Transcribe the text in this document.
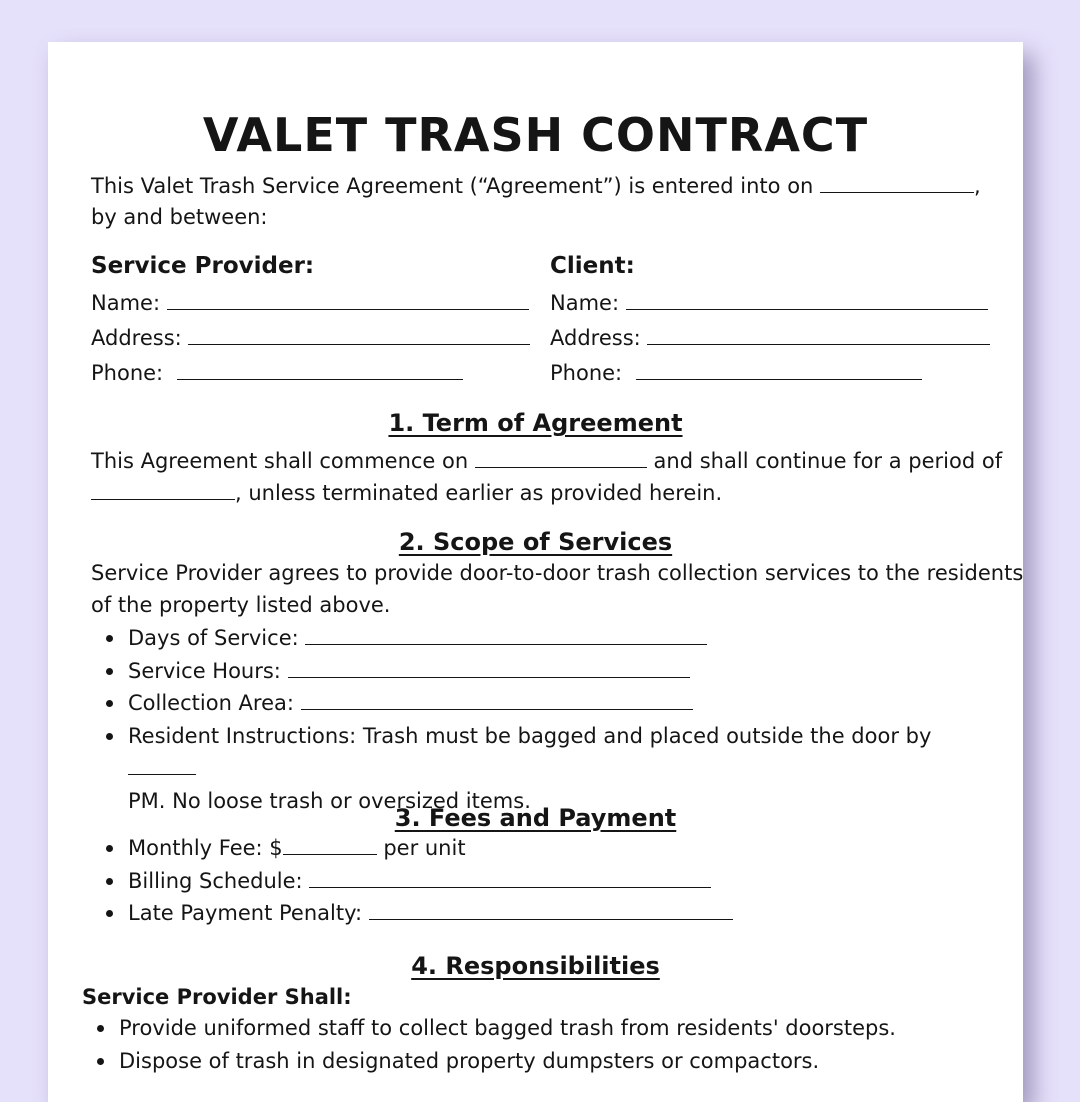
VALET TRASH CONTRACT
This Valet Trash Service Agreement (“Agreement”) is entered into on	,
by and between:
Service Provider:
Name:
Address:
Phone:
Client:
Name:
Address:
Phone:
1. Term of Agreement
This Agreement shall commence on	and shall continue for a period of
, unless terminated earlier as provided herein.
2. Scope of Services
Service Provider agrees to provide door-to-door trash collection services to the residents
of the property listed above.
Days of Service:
Service Hours:
Collection Area:
Resident Instructions: Trash must be bagged and placed outside the door by
PM. No loose trash or oversized items.
3. Fees and Payment
Monthly Fee: $	per unit
Billing Schedule:
Late Payment Penalty:
4. Responsibilities
Service Provider Shall:
Provide uniformed staff to collect bagged trash from residents' doorsteps.
Dispose of trash in designated property dumpsters or compactors.
